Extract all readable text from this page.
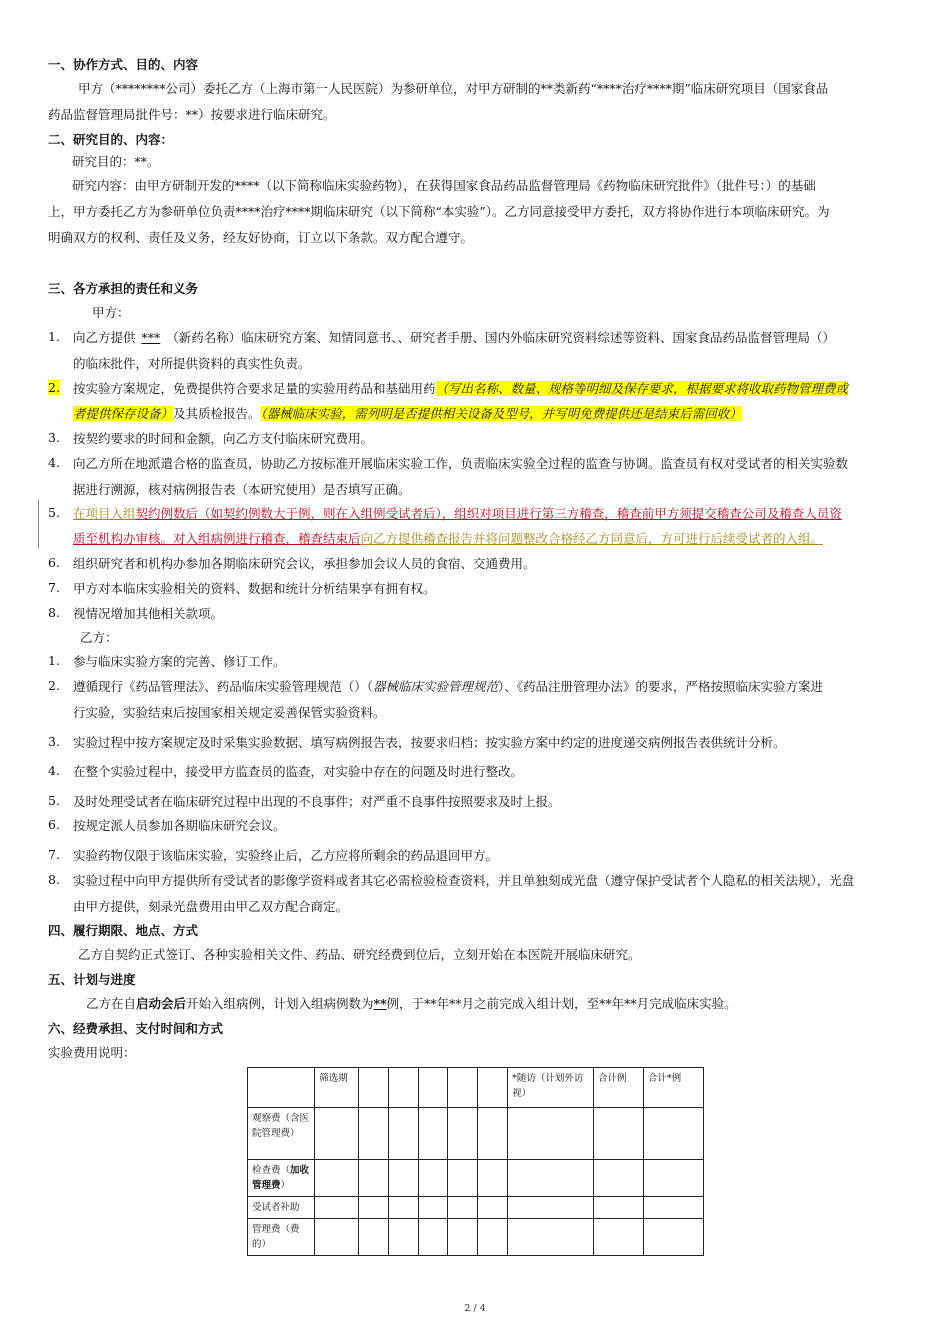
一、协作方式、目的、内容
甲方（********公司）委托乙方（上海市第一人民医院）为参研单位，对甲方研制的**类新药“****治疗****期”临床研究项目（国家食品
药品监督管理局批件号：**）按要求进行临床研究。
二、研究目的、内容：
研究目的：**。
研究内容：由甲方研制开发的****（以下简称临床实验药物），在获得国家食品药品监督管理局《药物临床研究批件》（批件号：）的基础
上，甲方委托乙方为参研单位负责****治疗****期临床研究（以下简称“本实验”）。乙方同意接受甲方委托，双方将协作进行本项临床研究。为
明确双方的权利、责任及义务，经友好协商，订立以下条款。双方配合遵守。
三、各方承担的责任和义务
甲方：
1. 向乙方提供 *** （新药名称）临床研究方案、知情同意书、、研究者手册、国内外临床研究资料综述等资料、国家食品药品监督管理局（）
的临床批件，对所提供资料的真实性负责。
2. 按实验方案规定，免费提供符合要求足量的实验用药品和基础用药（写出名称、数量、规格等明细及保存要求，根据要求将收取药物管理费或
者提供保存设备）及其质检报告。（器械临床实验，需列明是否提供相关设备及型号，并写明免费提供还是结束后需回收）
3. 按契约要求的时间和金额，向乙方支付临床研究费用。
4. 向乙方所在地派遣合格的监查员，协助乙方按标准开展临床实验工作，负责临床实验全过程的监查与协调。监查员有权对受试者的相关实验数
据进行溯源，核对病例报告表（本研究使用）是否填写正确。
5. 在项目入组契约例数后（如契约例数大于例，则在入组例受试者后），组织对项目进行第三方稽查，稽查前甲方须提交稽查公司及稽查人员资
质至机构办审核。对入组病例进行稽查，稽查结束后向乙方提供稽查报告并将问题整改合格经乙方同意后，方可进行后续受试者的入组。
6. 组织研究者和机构办参加各期临床研究会议，承担参加会议人员的食宿、交通费用。
7. 甲方对本临床实验相关的资料、数据和统计分析结果享有拥有权。
8. 视情况增加其他相关款项。
乙方：
1. 参与临床实验方案的完善、修订工作。
2. 遵循现行《药品管理法》、药品临床实验管理规范（）（器械临床实验管理规范）、《药品注册管理办法》的要求，严格按照临床实验方案进
行实验，实验结束后按国家相关规定妥善保管实验资料。
3. 实验过程中按方案规定及时采集实验数据、填写病例报告表，按要求归档；按实验方案中约定的进度递交病例报告表供统计分析。
4. 在整个实验过程中，接受甲方监查员的监查，对实验中存在的问题及时进行整改。
5. 及时处理受试者在临床研究过程中出现的不良事件；对严重不良事件按照要求及时上报。
6. 按规定派人员参加各期临床研究会议。
7. 实验药物仅限于该临床实验，实验终止后，乙方应将所剩余的药品退回甲方。
8. 实验过程中向甲方提供所有受试者的影像学资料或者其它必需检验检查资料，并且单独刻成光盘（遵守保护受试者个人隐私的相关法规），光盘
由甲方提供，刻录光盘费用由甲乙双方配合商定。
四、履行期限、地点、方式
乙方自契约正式签订、各种实验相关文件、药品、研究经费到位后，立刻开始在本医院开展临床研究。
五、计划与进度
乙方在自启动会后开始入组病例，计划入组病例数为**例，于**年**月之前完成入组计划，至**年**月完成临床实验。
六、经费承担、支付时间和方式
实验费用说明：
	筛选期						*随访（计划外访视）	合计例	合计*例
观察费（含医院管理费）									
检查费（加收管理费）									
受试者补助									
管理费（费的）									
2 / 4
